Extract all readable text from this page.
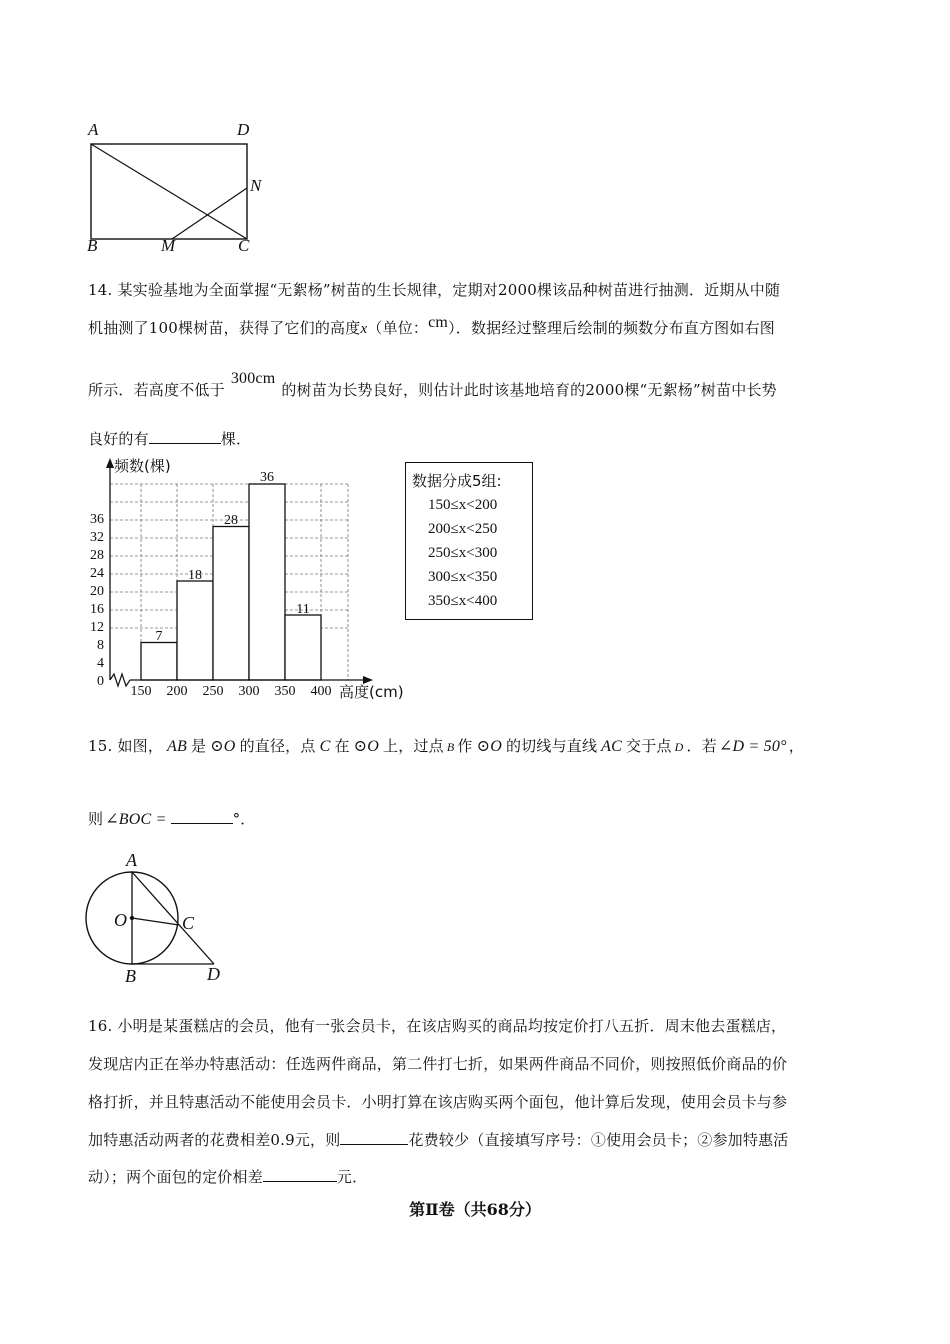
A	D
N
B	M	C
14. 某实验基地为全面掌握“无絮杨”树苗的生长规律，定期对2000棵该品种树苗进行抽测．近期从中随
机抽测了100棵树苗，获得了它们的高度x（单位：cm）．数据经过整理后绘制的频数分布直方图如右图
所示．若高度不低于300cm的树苗为长势良好，则估计此时该基地培育的2000棵“无絮杨”树苗中长势
良好的有	棵．
0
4
8
12
16
20
24
28
32
36
150 200 250 300 350 400
7
18
28
36
11
频数(棵)
高度(cm)
数据分成5组:
150≤x<200
200≤x<250
250≤x<300
300≤x<350
350≤x<400
15. 如图， AB 是 ⊙O 的直径，点 C 在 ⊙O 上，过点 B 作 ⊙O 的切线与直线 AC 交于点 D ．若 ∠D = 50° ，
则 ∠BOC =	°．
A
O	C
B	D
16. 小明是某蛋糕店的会员，他有一张会员卡，在该店购买的商品均按定价打八五折．周末他去蛋糕店，
发现店内正在举办特惠活动：任选两件商品，第二件打七折，如果两件商品不同价，则按照低价商品的价
格打折，并且特惠活动不能使用会员卡．小明打算在该店购买两个面包，他计算后发现，使用会员卡与参
加特惠活动两者的花费相差0.9元，则	花费较少（直接填写序号：①使用会员卡；②参加特惠活
动）；两个面包的定价相差	元．
第Ⅱ卷（共68分）
